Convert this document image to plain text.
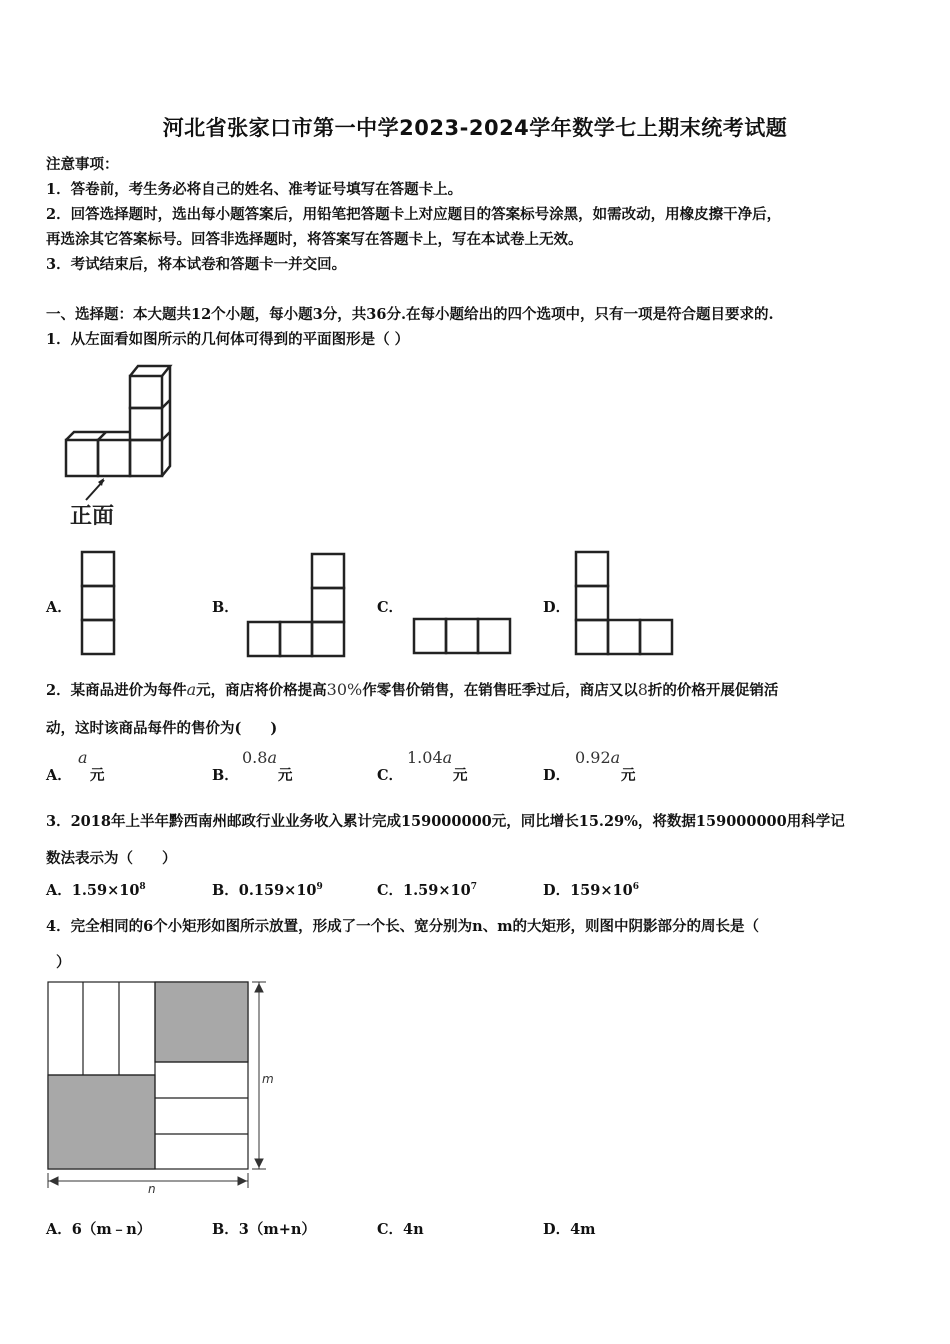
河北省张家口市第一中学2023-2024学年数学七上期末统考试题
注意事项：
1．答卷前，考生务必将自己的姓名、准考证号填写在答题卡上。
2．回答选择题时，选出每小题答案后，用铅笔把答题卡上对应题目的答案标号涂黑，如需改动，用橡皮擦干净后，
再选涂其它答案标号。回答非选择题时，将答案写在答题卡上，写在本试卷上无效。
3．考试结束后，将本试卷和答题卡一并交回。
一、选择题：本大题共12个小题，每小题3分，共36分.在每小题给出的四个选项中，只有一项是符合题目要求的.
1．从左面看如图所示的几何体可得到的平面图形是（ ）
正面
A．	B．	C．	D．
2．某商品进价为每件a元，商店将价格提高30%作零售价销售，在销售旺季过后，商店又以8折的价格开展促销活
动，这时该商品每件的售价为(　　)
A．
a
元	B．
0.8a
元	C．
1.04a
元	D．
0.92a
元
3．2018年上半年黔西南州邮政行业业务收入累计完成159000000元，同比增长15.29%，将数据159000000用科学记
数法表示为（　　）
A．$1.59\times 10^8$	B．$0.159\times 10^9$	C．$1.59\times 10^7$	D．$159\times 10^6$
4．完全相同的6个小矩形如图所示放置，形成了一个长、宽分别为n、m的大矩形，则图中阴影部分的周长是（
）
m
n
A．6（m﹣n）	B．3（m+n）	C．4n	D．4m
